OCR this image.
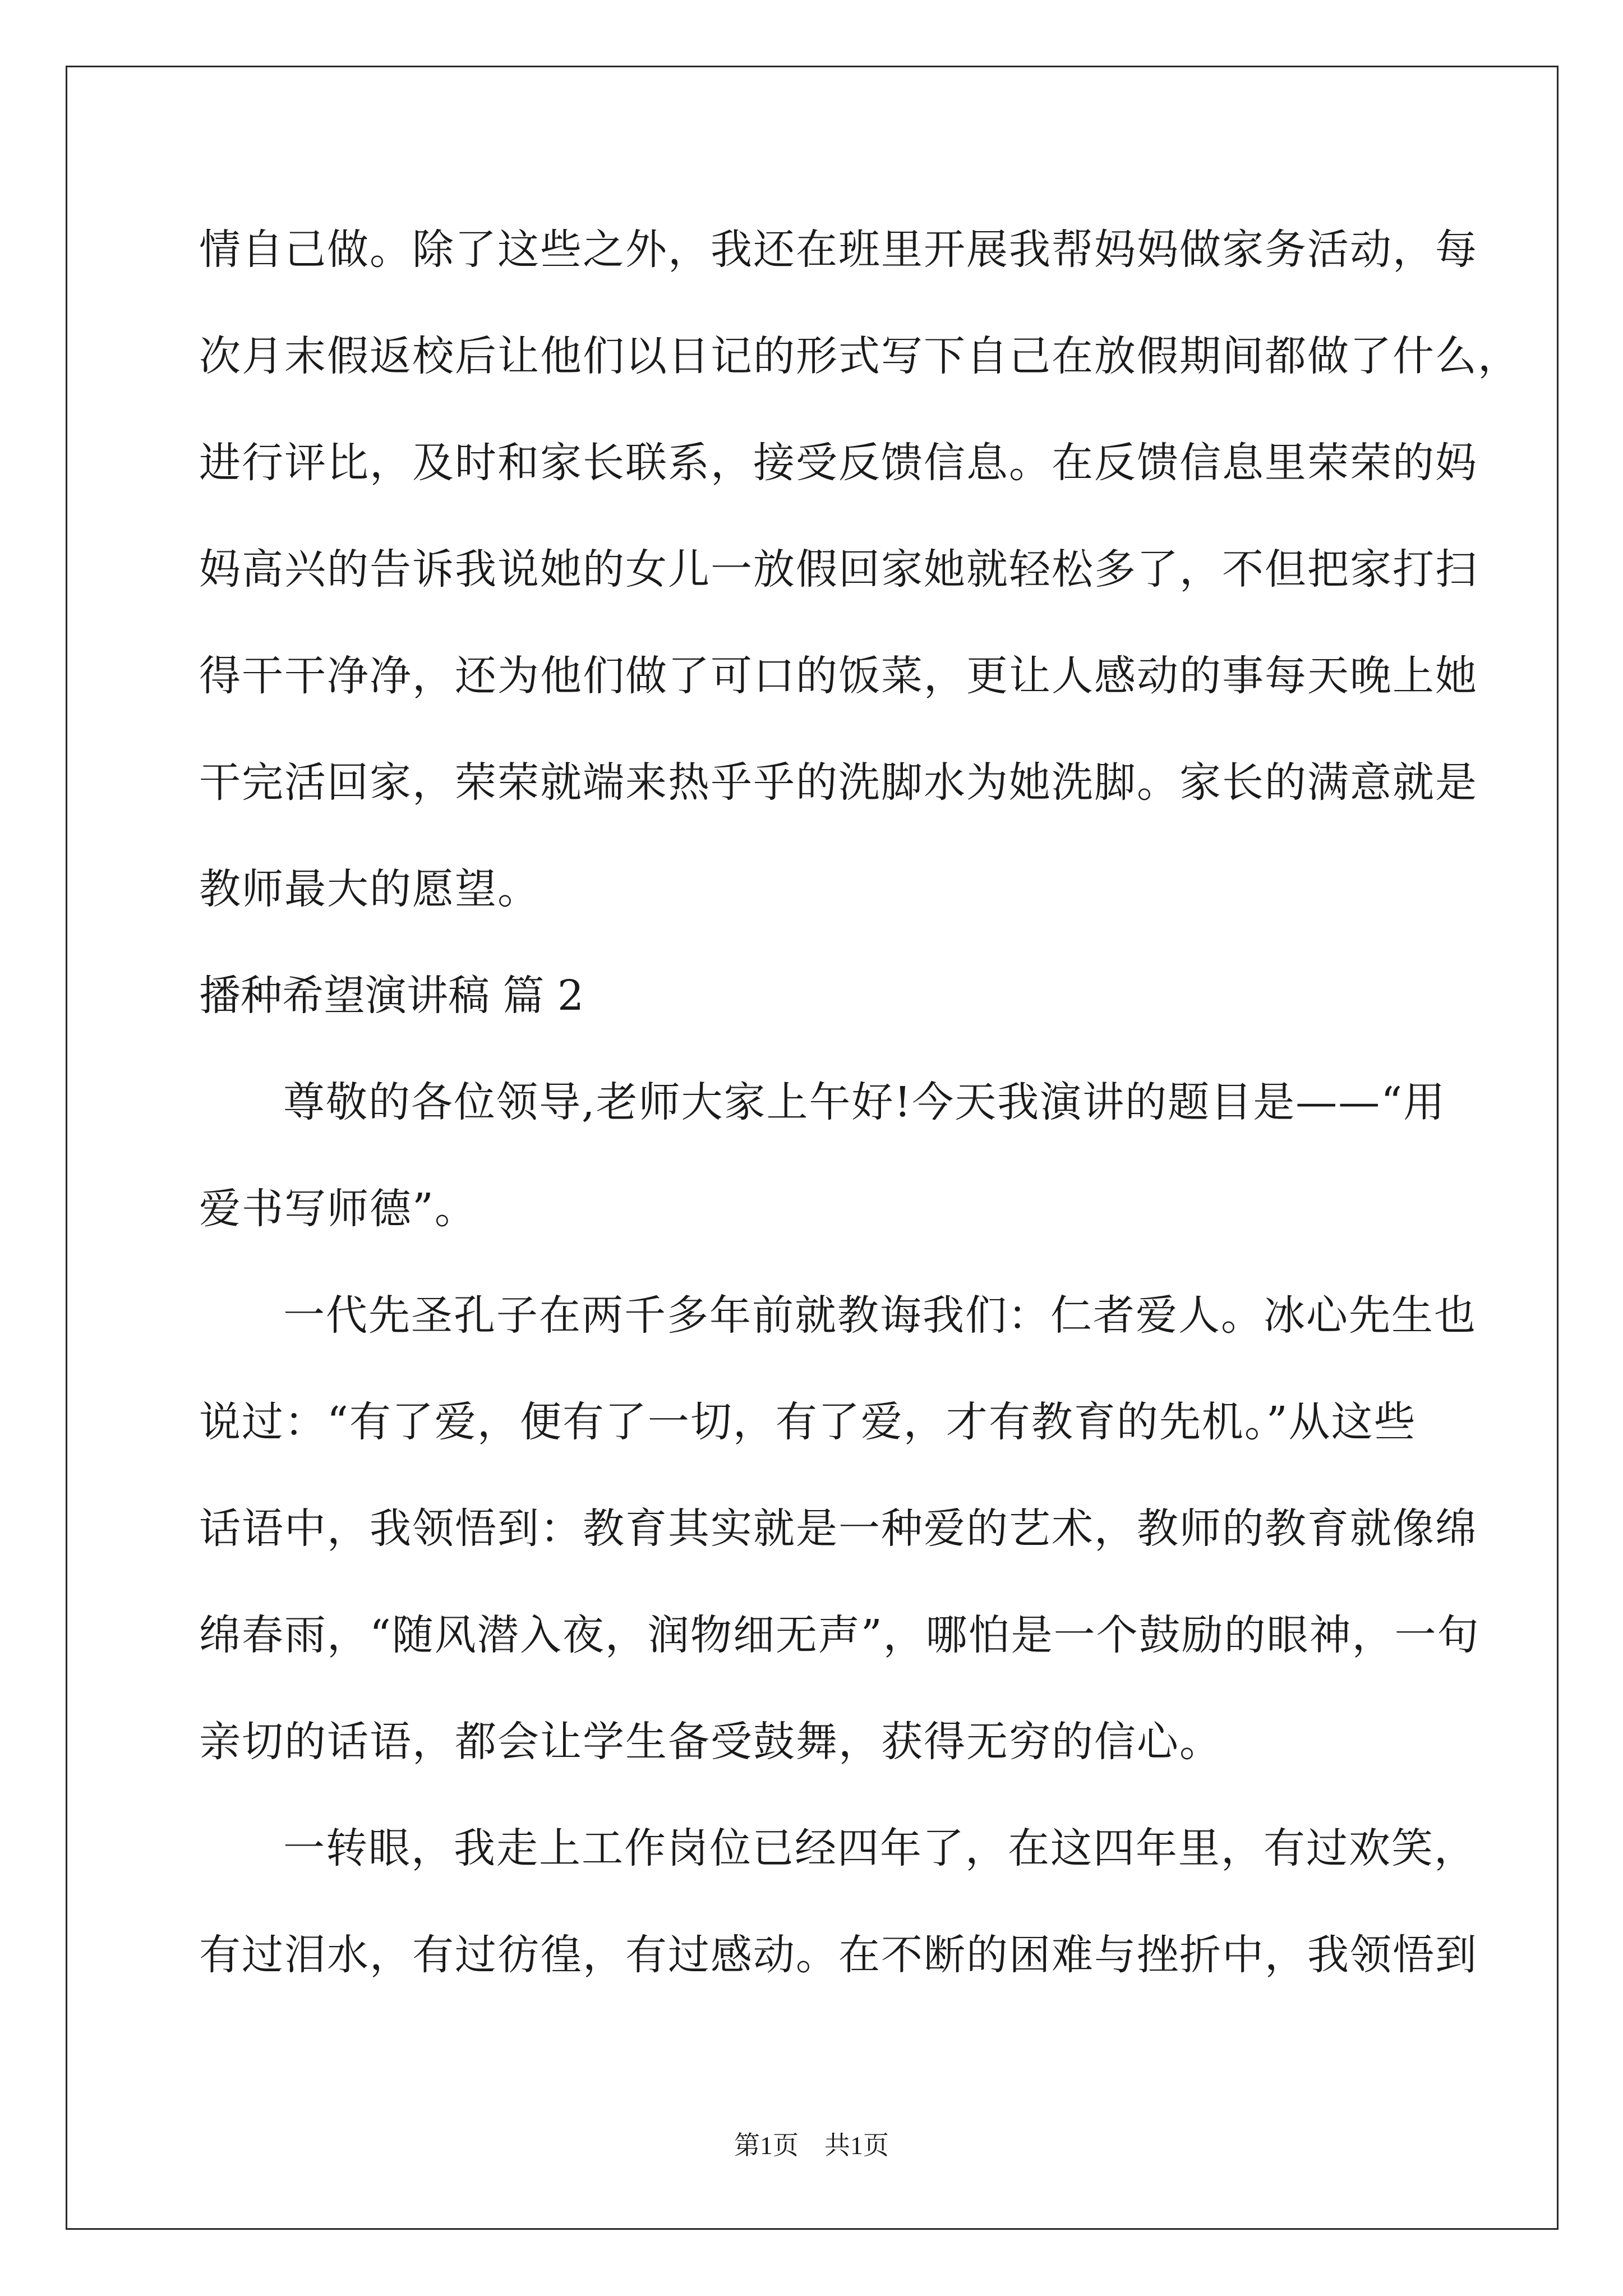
情自己做。除了这些之外，我还在班里开展我帮妈妈做家务活动，每
次月末假返校后让他们以日记的形式写下自己在放假期间都做了什么，
进行评比，及时和家长联系，接受反馈信息。在反馈信息里荣荣的妈
妈高兴的告诉我说她的女儿一放假回家她就轻松多了，不但把家打扫
得干干净净，还为他们做了可口的饭菜，更让人感动的事每天晚上她
干完活回家，荣荣就端来热乎乎的洗脚水为她洗脚。家长的满意就是
教师最大的愿望。
播种希望演讲稿 篇 2
尊敬的各位领导,老师大家上午好!今天我演讲的题目是——“用
爱书写师德”。
一代先圣孔子在两千多年前就教诲我们：仁者爱人。冰心先生也
说过：“有了爱，便有了一切，有了爱，才有教育的先机。”从这些
话语中，我领悟到：教育其实就是一种爱的艺术，教师的教育就像绵
绵春雨，“随风潜入夜，润物细无声”，哪怕是一个鼓励的眼神，一句
亲切的话语，都会让学生备受鼓舞，获得无穷的信心。
一转眼，我走上工作岗位已经四年了，在这四年里，有过欢笑，
有过泪水，有过彷徨，有过感动。在不断的困难与挫折中，我领悟到
第1页　共1页
